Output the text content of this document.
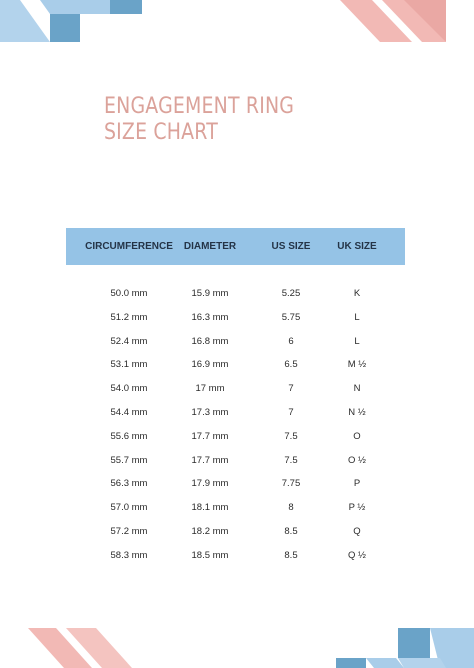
ENGAGEMENT RING
SIZE CHART
CIRCUMFERENCE	DIAMETER	US SIZE	UK SIZE
50.0 mm	15.9 mm	5.25	K
51.2 mm	16.3 mm	5.75	L
52.4 mm	16.8 mm	6	L
53.1 mm	16.9 mm	6.5	M ½
54.0 mm	17 mm	7	N
54.4 mm	17.3 mm	7	N ½
55.6 mm	17.7 mm	7.5	O
55.7 mm	17.7 mm	7.5	O ½
56.3 mm	17.9 mm	7.75	P
57.0 mm	18.1 mm	8	P ½
57.2 mm	18.2 mm	8.5	Q
58.3 mm	18.5 mm	8.5	Q ½
